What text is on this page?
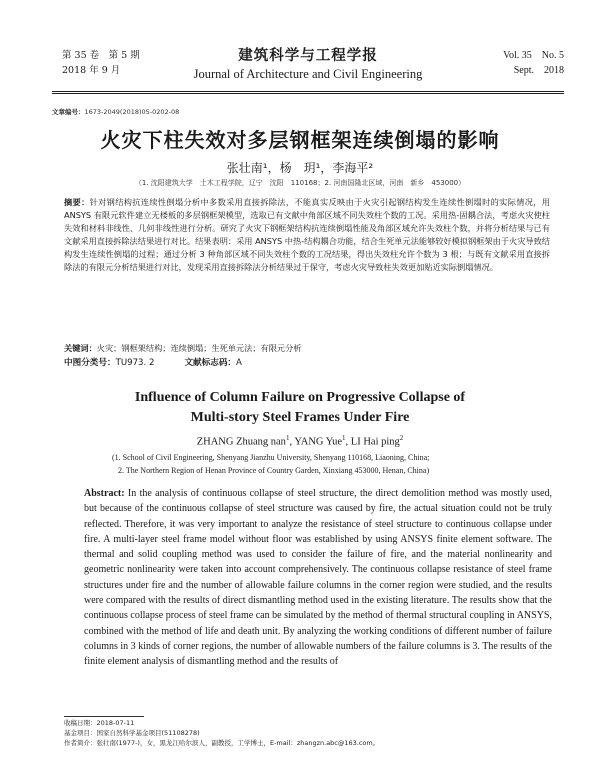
第 35 卷　第 5 期
2018 年 9 月
建筑科学与工程学报
Journal of Architecture and Civil Engineering
Vol. 35　No. 5
Sept.　2018
文章编号：1673-2049(2018)05-0202-08
火灾下柱失效对多层钢框架连续倒塌的影响
张壮南¹，杨　玥¹，李海平²
（1. 沈阳建筑大学　土木工程学院，辽宁　沈阳　110168；2. 河南国隆北区域，河南　新乡　453000）
摘要：针对钢结构抗连续性倒塌分析中多数采用直接拆除法，不能真实反映由于火灾引起钢结构发生连续性倒塌时的实际情况，用 ANSYS 有限元软件建立无楼板的多层钢框架模型，选取已有文献中角部区域不同失效柱个数的工况。采用热-固耦合法，考虑火灾使柱失效和材料非线性、几何非线性进行分析。研究了火灾下钢框架结构抗连续倒塌性能及角部区域允许失效柱个数，并将分析结果与已有文献采用直接拆除法结果进行对比。结果表明：采用 ANSYS 中热-结构耦合功能，结合生死单元法能够较好模拟钢框架由于火灾导致结构发生连续性倒塌的过程；通过分析 3 种角部区域不同失效柱个数的工况结果，得出失效柱允许个数为 3 根；与既有文献采用直接拆除法的有限元分析结果进行对比，发现采用直接拆除法分析结果过于保守，考虑火灾导致柱失效更加贴近实际倒塌情况。
关键词：火灾；钢框架结构；连续倒塌；生死单元法；有限元分析
中图分类号：TU973. 2	文献标志码：A
Influence of Column Failure on Progressive Collapse of
Multi-story Steel Frames Under Fire
ZHANG Zhuang nan$^1$, YANG Yue$^1$, LI Hai ping$^2$
(1. School of Civil Engineering, Shenyang Jianzhu University, Shenyang 110168, Liaoning, China;
2. The Northern Region of Henan Province of Country Garden, Xinxiang 453000, Henan, China)
Abstract: In the analysis of continuous collapse of steel structure, the direct demolition method was mostly used, but because of the continuous collapse of steel structure was caused by fire, the actual situation could not be truly reflected. Therefore, it was very important to analyze the resistance of steel structure to continuous collapse under fire. A multi-layer steel frame model without floor was established by using ANSYS finite element software. The thermal and solid coupling method was used to consider the failure of fire, and the material nonlinearity and geometric nonlinearity were taken into account comprehensively. The continuous collapse resistance of steel frame structures under fire and the number of allowable failure columns in the corner region were studied, and the results were compared with the results of direct dismantling method used in the existing literature. The results show that the continuous collapse process of steel frame can be simulated by the method of thermal structural coupling in ANSYS, combined with the method of life and death unit. By analyzing the working conditions of different number of failure columns in 3 kinds of corner regions, the number of allowable numbers of the failure columns is 3. The results of the finite element analysis of dismantling method and the results of
收稿日期：2018-07-11
基金项目：国家自然科学基金项目(51108278)
作者简介：张壮南(1977-)，女，黑龙江哈尔滨人，副教授，工学博士，E-mail：zhangzn.abc@163.com。
